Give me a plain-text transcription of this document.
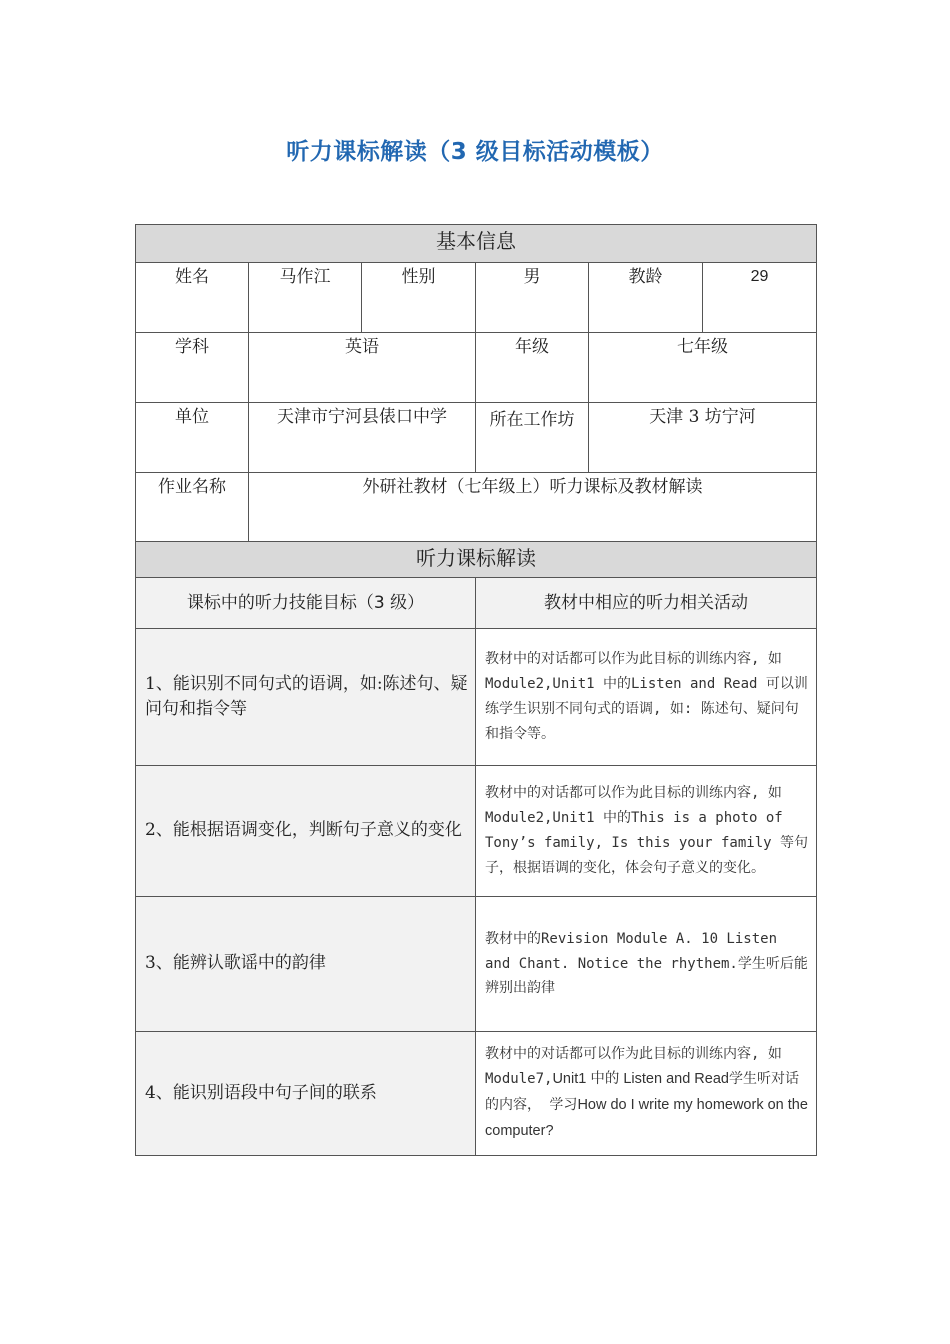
听力课标解读（3 级目标活动模板）
基本信息					
姓名	马作江	性别	男	教龄	29
学科	英语		年级	七年级	
单位	天津市宁河县俵口中学		所在工作坊	天津 3 坊宁河	
作业名称	外研社教材（七年级上）听力课标及教材解读				
听力课标解读					
课标中的听力技能目标（3 级）			教材中相应的听力相关活动		
1、能识别不同句式的语调，如:陈述句、疑问句和指令等			教材中的对话都可以作为此目标的训练内容, 如Module2,Unit1 中的Listen and Read 可以训练学生识别不同句式的语调, 如: 陈述句、疑问句和指令等。		
2、能根据语调变化，判断句子意义的变化			教材中的对话都可以作为此目标的训练内容, 如Module2,Unit1 中的This is a photo of Tony’s family, Is this your family 等句子，根据语调的变化，体会句子意义的变化。		
3、能辨认歌谣中的韵律			教材中的Revision Module A. 10 Listen and Chant. Notice the rhythem.学生听后能辨别出韵律		
4、能识别语段中句子间的联系			教材中的对话都可以作为此目标的训练内容, 如Module7,Unit1 中的 Listen and Read学生听对话的内容， 学习How do I write my homework on the computer?		
